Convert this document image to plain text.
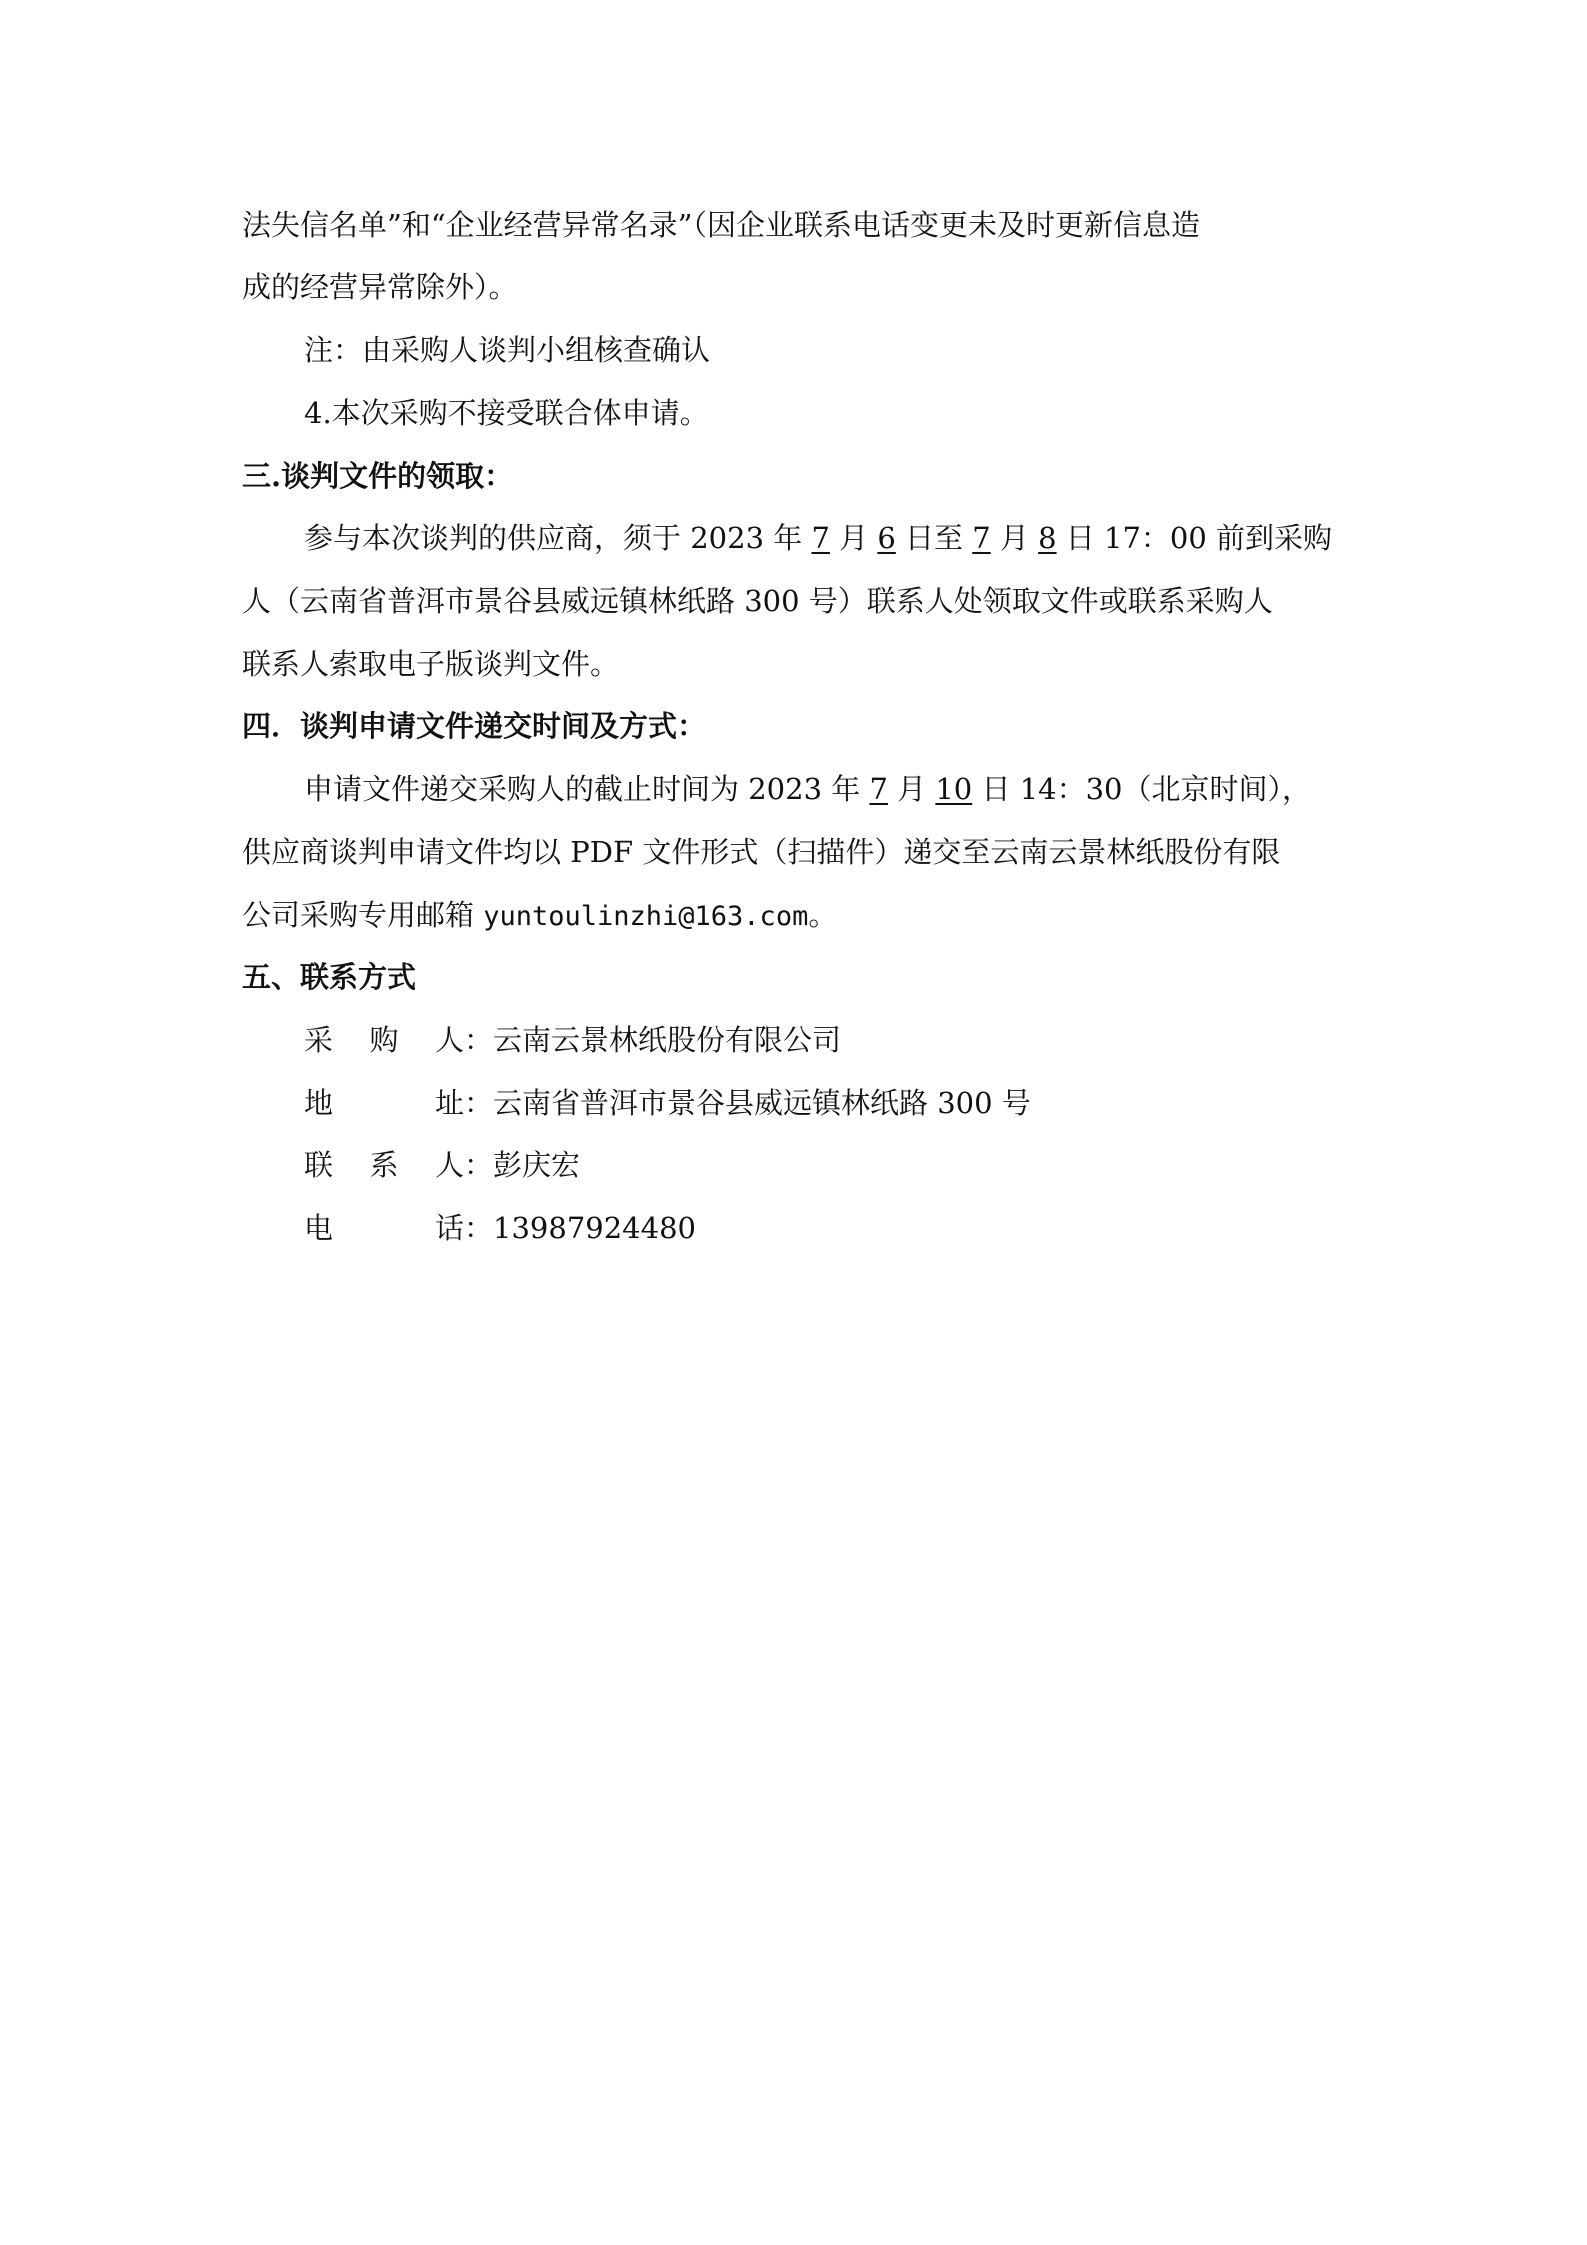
法失信名单”和“企业经营异常名录”（因企业联系电话变更未及时更新信息造
成的经营异常除外）。
注：由采购人谈判小组核查确认
4.本次采购不接受联合体申请。
三.谈判文件的领取：
参与本次谈判的供应商，须于 2023 年 7 月 6 日至 7 月 8 日 17：00 前到采购
人（云南省普洱市景谷县威远镇林纸路 300 号）联系人处领取文件或联系采购人
联系人索取电子版谈判文件。
四．谈判申请文件递交时间及方式：
申请文件递交采购人的截止时间为 2023 年 7 月 10 日 14：30（北京时间），
供应商谈判申请文件均以 PDF 文件形式（扫描件）递交至云南云景林纸股份有限
公司采购专用邮箱 yuntoulinzhi@163.com。
五、联系方式
采 购 人：云南云景林纸股份有限公司
地 址：云南省普洱市景谷县威远镇林纸路 300 号
联 系 人：彭庆宏
电 话：13987924480
